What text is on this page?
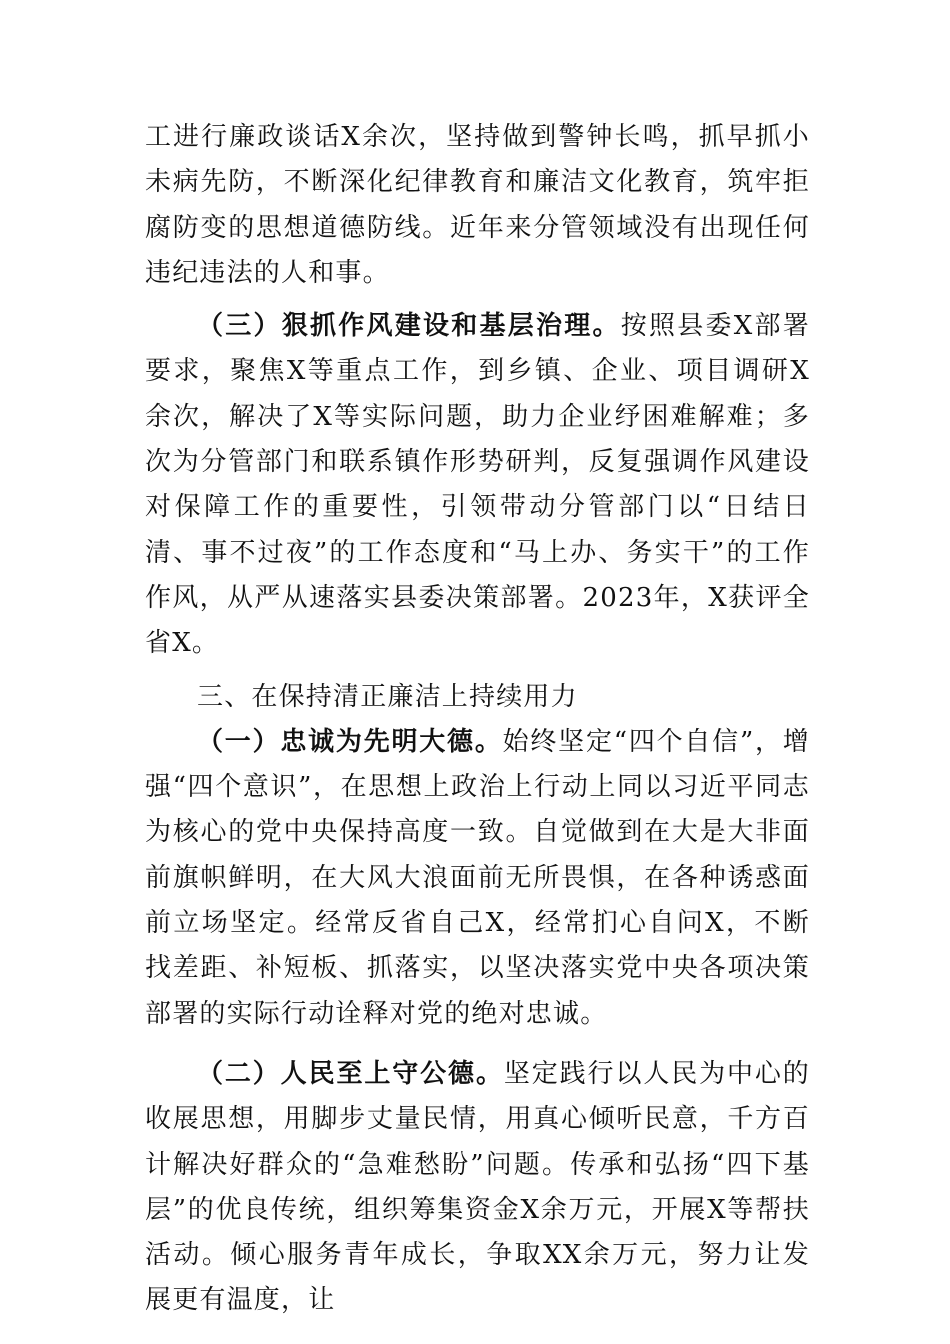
工进行廉政谈话X余次，坚持做到警钟长鸣，抓早抓小未病先防，不断深化纪律教育和廉洁文化教育，筑牢拒腐防变的思想道德防线。近年来分管领域没有出现任何违纪违法的人和事。

（三）狠抓作风建设和基层治理。按照县委X部署要求，聚焦X等重点工作，到乡镇、企业、项目调研X余次，解决了X等实际问题，助力企业纾困难解难；多次为分管部门和联系镇作形势研判，反复强调作风建设对保障工作的重要性，引领带动分管部门以“日结日清、事不过夜”的工作态度和“马上办、务实干”的工作作风，从严从速落实县委决策部署。2023年，X获评全省X。

三、在保持清正廉洁上持续用力

（一）忠诚为先明大德。始终坚定“四个自信”，增强“四个意识”，在思想上政治上行动上同以习近平同志为核心的党中央保持高度一致。自觉做到在大是大非面前旗帜鲜明，在大风大浪面前无所畏惧，在各种诱惑面前立场坚定。经常反省自己X，经常扪心自问X，不断找差距、补短板、抓落实，以坚决落实党中央各项决策部署的实际行动诠释对党的绝对忠诚。

（二）人民至上守公德。坚定践行以人民为中心的收展思想，用脚步丈量民情，用真心倾听民意，千方百计解决好群众的“急难愁盼”问题。传承和弘扬“四下基层”的优良传统，组织筹集资金X余万元，开展X等帮扶活动。倾心服务青年成长，争取XX余万元，努力让发展更有温度，让
